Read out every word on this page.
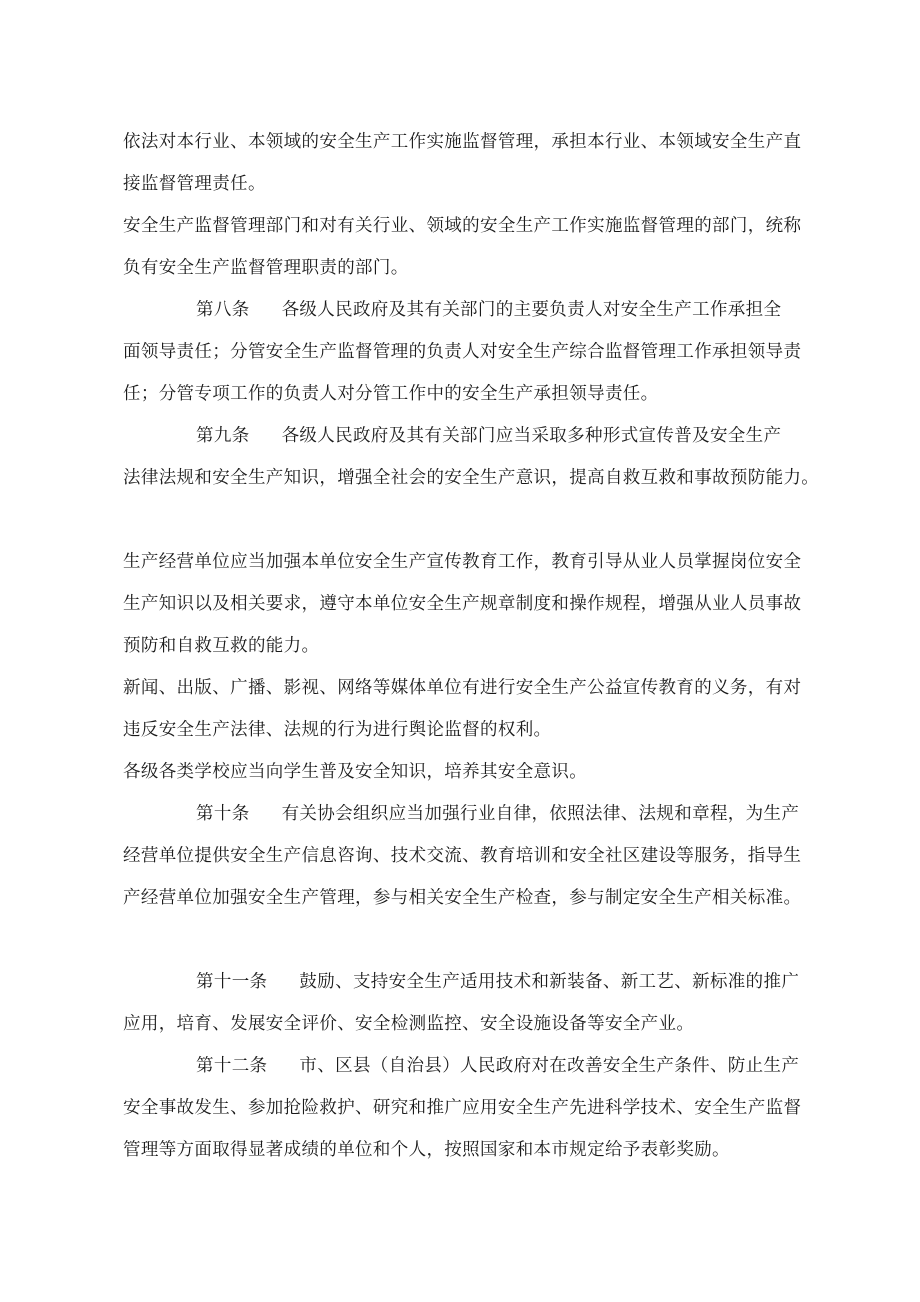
依法对本行业、本领域的安全生产工作实施监督管理，承担本行业、本领域安全生产直
接监督管理责任。
安全生产监督管理部门和对有关行业、领域的安全生产工作实施监督管理的部门，统称
负有安全生产监督管理职责的部门。
第八条 各级人民政府及其有关部门的主要负责人对安全生产工作承担全
面领导责任；分管安全生产监督管理的负责人对安全生产综合监督管理工作承担领导责
任；分管专项工作的负责人对分管工作中的安全生产承担领导责任。
第九条 各级人民政府及其有关部门应当采取多种形式宣传普及安全生产
法律法规和安全生产知识，增强全社会的安全生产意识，提高自救互救和事故预防能力。
生产经营单位应当加强本单位安全生产宣传教育工作，教育引导从业人员掌握岗位安全
生产知识以及相关要求，遵守本单位安全生产规章制度和操作规程，增强从业人员事故
预防和自救互救的能力。
新闻、出版、广播、影视、网络等媒体单位有进行安全生产公益宣传教育的义务，有对
违反安全生产法律、法规的行为进行舆论监督的权利。
各级各类学校应当向学生普及安全知识，培养其安全意识。
第十条 有关协会组织应当加强行业自律，依照法律、法规和章程，为生产
经营单位提供安全生产信息咨询、技术交流、教育培训和安全社区建设等服务，指导生
产经营单位加强安全生产管理，参与相关安全生产检查，参与制定安全生产相关标准。
第十一条 鼓励、支持安全生产适用技术和新装备、新工艺、新标准的推广
应用，培育、发展安全评价、安全检测监控、安全设施设备等安全产业。
第十二条 市、区县（自治县）人民政府对在改善安全生产条件、防止生产
安全事故发生、参加抢险救护、研究和推广应用安全生产先进科学技术、安全生产监督
管理等方面取得显著成绩的单位和个人，按照国家和本市规定给予表彰奖励。
